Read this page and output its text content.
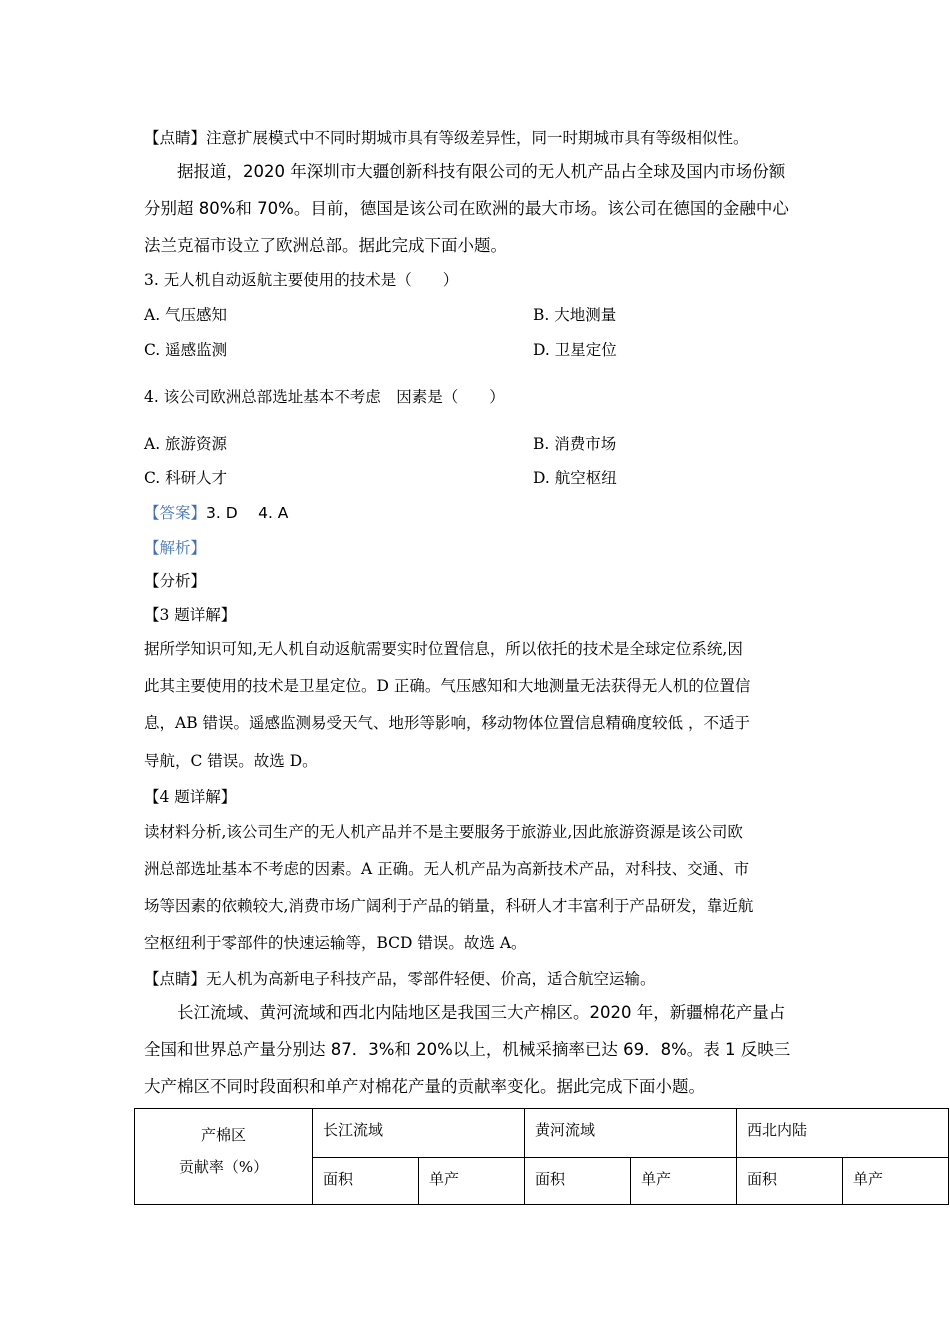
【点睛】注意扩展模式中不同时期城市具有等级差异性，同一时期城市具有等级相似性。
据报道，2020 年深圳市大疆创新科技有限公司的无人机产品占全球及国内市场份额
分别超 80%和 70%。目前，德国是该公司在欧洲的最大市场。该公司在德国的金融中心
法兰克福市设立了欧洲总部。据此完成下面小题。
3. 无人机自动返航主要使用的技术是（　　）
A. 气压感知	B. 大地测量
C. 遥感监测	D. 卫星定位
4. 该公司欧洲总部选址基本不考虑　因素是（　　）
A. 旅游资源	B. 消费市场
C. 科研人才	D. 航空枢纽
【答案】3. D　 4. A
【解析】
【分析】
【3 题详解】
据所学知识可知,无人机自动返航需要实时位置信息，所以依托的技术是全球定位系统,因
此其主要使用的技术是卫星定位。D 正确。气压感知和大地测量无法获得无人机的位置信
息，AB 错误。遥感监测易受天气、地形等影响，移动物体位置信息精确度较低 ，不适于
导航，C 错误。故选 D。
【4 题详解】
读材料分析,该公司生产的无人机产品并不是主要服务于旅游业,因此旅游资源是该公司欧
洲总部选址基本不考虑的因素。A 正确。无人机产品为高新技术产品，对科技、交通、市
场等因素的依赖较大,消费市场广阔利于产品的销量，科研人才丰富利于产品研发，靠近航
空枢纽利于零部件的快速运输等，BCD 错误。故选 A。
【点睛】无人机为高新电子科技产品，零部件轻便、价高，适合航空运输。
长江流域、黄河流域和西北内陆地区是我国三大产棉区。2020 年，新疆棉花产量占
全国和世界总产量分别达 87．3%和 20%以上，机械采摘率已达 69．8%。表 1 反映三
大产棉区不同时段面积和单产对棉花产量的贡献率变化。据此完成下面小题。
产棉区
贡献率（%）	长江流域		黄河流域		西北内陆	
	面积	单产	面积	单产	面积	单产
